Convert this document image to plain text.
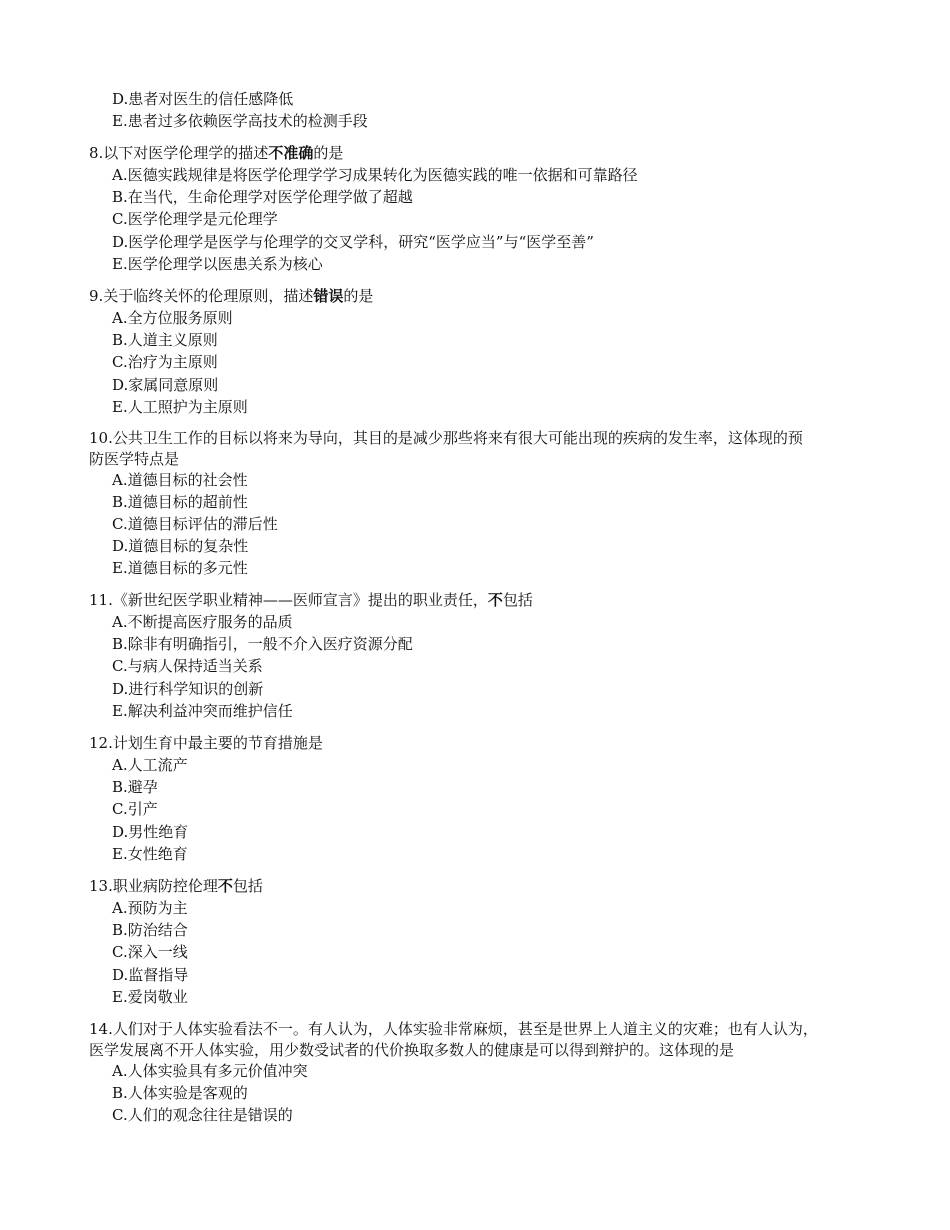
D.患者对医生的信任感降低
E.患者过多依赖医学高技术的检测手段
8.以下对医学伦理学的描述不准确的是
A.医德实践规律是将医学伦理学学习成果转化为医德实践的唯一依据和可靠路径
B.在当代，生命伦理学对医学伦理学做了超越
C.医学伦理学是元伦理学
D.医学伦理学是医学与伦理学的交叉学科，研究“医学应当”与“医学至善”
E.医学伦理学以医患关系为核心
9.关于临终关怀的伦理原则，描述错误的是
A.全方位服务原则
B.人道主义原则
C.治疗为主原则
D.家属同意原则
E.人工照护为主原则
10.公共卫生工作的目标以将来为导向，其目的是减少那些将来有很大可能出现的疾病的发生率，这体现的预
防医学特点是
A.道德目标的社会性
B.道德目标的超前性
C.道德目标评估的滞后性
D.道德目标的复杂性
E.道德目标的多元性
11.《新世纪医学职业精神——医师宣言》提出的职业责任，不包括
A.不断提高医疗服务的品质
B.除非有明确指引，一般不介入医疗资源分配
C.与病人保持适当关系
D.进行科学知识的创新
E.解决利益冲突而维护信任
12.计划生育中最主要的节育措施是
A.人工流产
B.避孕
C.引产
D.男性绝育
E.女性绝育
13.职业病防控伦理不包括
A.预防为主
B.防治结合
C.深入一线
D.监督指导
E.爱岗敬业
14.人们对于人体实验看法不一。有人认为，人体实验非常麻烦，甚至是世界上人道主义的灾难；也有人认为，
医学发展离不开人体实验，用少数受试者的代价换取多数人的健康是可以得到辩护的。这体现的是
A.人体实验具有多元价值冲突
B.人体实验是客观的
C.人们的观念往往是错误的
